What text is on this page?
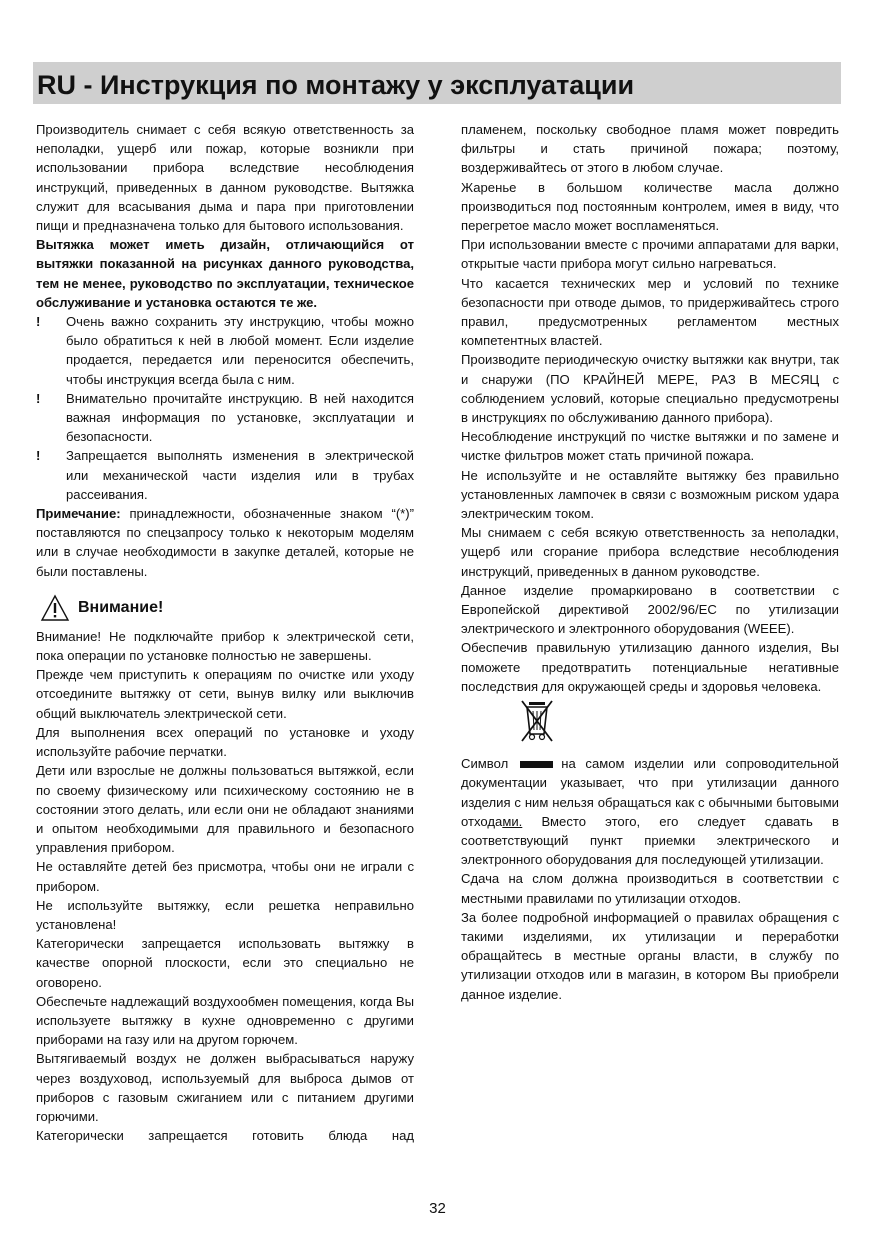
RU - Инструкция по монтажу у эксплуатации

Производитель снимает с себя всякую ответственность за неполадки, ущерб или пожар, которые возникли при использовании прибора вследствие несоблюдения инструкций, приведенных в данном руководстве. Вытяжка служит для всасывания дыма и пара при приготовлении пищи и предназначена только для бытового использования.

Вытяжка может иметь дизайн, отличающийся от вытяжки показанной на рисунках данного руководства, тем не менее, руководство по эксплуатации, техническое обслуживание и установка остаются те же.

! Очень важно сохранить эту инструкцию, чтобы можно было обратиться к ней в любой момент. Если изделие продается, передается или переносится обеспечить, чтобы инструкция всегда была с ним.
! Внимательно прочитайте инструкцию. В ней находится важная информация по установке, эксплуатации и безопасности.
! Запрещается выполнять изменения в электрической или механической части изделия или в трубах рассеивания.

Примечание: принадлежности, обозначенные знаком “(*)” поставляются по спецзапросу только к некоторым моделям или в случае необходимости в закупке деталей, которые не были поставлены.

Внимание!

Внимание! Не подключайте прибор к электрической сети, пока операции по установке полностью не завершены.

Прежде чем приступить к операциям по очистке или уходу отсоедините вытяжку от сети, вынув вилку или выключив общий выключатель электрической сети.

Для выполнения всех операций по установке и уходу используйте рабочие перчатки.

Дети или взрослые не должны пользоваться вытяжкой, если по своему физическому или психическому состоянию не в состоянии этого делать, или если они не обладают знаниями и опытом необходимыми для правильного и безопасного управления прибором.

Не оставляйте детей без присмотра, чтобы они не играли с прибором.

Не используйте вытяжку, если решетка неправильно установлена!

Категорически запрещается использовать вытяжку в качестве опорной плоскости, если это специально не оговорено.

Обеспечьте надлежащий воздухообмен помещения, когда Вы используете вытяжку в кухне одновременно с другими приборами на газу или на другом горючем.

Вытягиваемый воздух не должен выбрасываться наружу через воздуховод, используемый для выброса дымов от приборов с газовым сжиганием или с питанием другими горючими.

Категорически запрещается готовить блюда над

пламенем, поскольку свободное пламя может повредить фильтры и стать причиной пожара; поэтому, воздерживайтесь от этого в любом случае.

Жаренье в большом количестве масла должно производиться под постоянным контролем, имея в виду, что перегретое масло может воспламеняться.

При использовании вместе с прочими аппаратами для варки, открытые части прибора могут сильно нагреваться.

Что касается технических мер и условий по технике безопасности при отводе дымов, то придерживайтесь строго правил, предусмотренных регламентом местных компетентных властей.

Производите периодическую очистку вытяжки как внутри, так и снаружи (ПО КРАЙНЕЙ МЕРЕ, РАЗ В МЕСЯЦ с соблюдением условий, которые специально предусмотрены в инструкциях по обслуживанию данного прибора).

Несоблюдение инструкций по чистке вытяжки и по замене и чистке фильтров может стать причиной пожара.

Не используйте и не оставляйте вытяжку без правильно установленных лампочек в связи с возможным риском удара электрическим током.

Мы снимаем с себя всякую ответственность за неполадки, ущерб или сгорание прибора вследствие несоблюдения инструкций, приведенных в данном руководстве.

Данное изделие промаркировано в соответствии с Европейской директивой 2002/96/EC по утилизации электрического и электронного оборудования (WEEE).

Обеспечив правильную утилизацию данного изделия, Вы поможете предотвратить потенциальные негативные последствия для окружающей среды и здоровья человека.

Символ	на самом изделии или сопроводительной документации указывает, что при утилизации данного изделия с ним нельзя обращаться как с обычными бытовыми отходами. Вместо этого, его следует сдавать в соответствующий пункт приемки электрического и электронного оборудования для последующей утилизации.

Сдача на слом должна производиться в соответствии с местными правилами по утилизации отходов.

За более подробной информацией о правилах обращения с такими изделиями, их утилизации и переработки обращайтесь в местные органы власти, в службу по утилизации отходов или в магазин, в котором Вы приобрели данное изделие.

32
